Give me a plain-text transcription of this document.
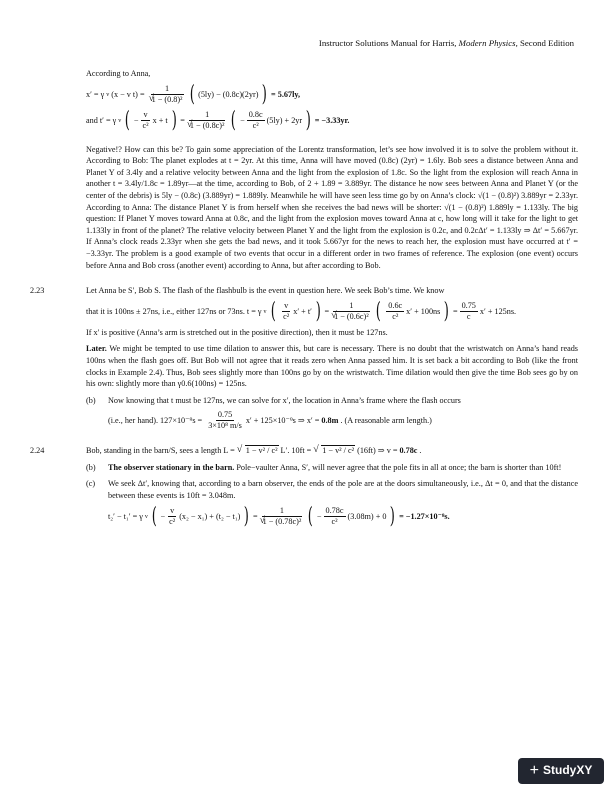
Instructor Solutions Manual for Harris, Modern Physics, Second Edition

According to Anna,

x′ = γ v (x − v t) = 1
√ 1 − (0.8)² ( (5ly) − (0.8c)(2yr) ) = 5.67ly,
and t′ = γ v ( − $\frac{v}{\text{c²}}$ x + t ) = 1
√ 1 − (0.8c)² ( − $\frac{0.8c}{\text{c²}} (5ly) + 2yr$ ) = −3.33yr.

Negative!? How can this be? To gain some appreciation of the Lorentz transformation, let’s see how involved it is to solve the problem without it. According to Bob: The planet explodes at t = 2yr. At this time, Anna will have moved (0.8c) (2yr) = 1.6ly. Bob sees a distance between Anna and Planet Y of 3.4ly and a relative velocity between Anna and the light from the explosion of 1.8c. So the light from the explosion will reach Anna in another t = 3.4ly/1.8c = 1.89yr—at the time, according to Bob, of 2 + 1.89 = 3.889yr. The distance he now sees between Anna and Planet Y (or the center of the debris) is 5ly − (0.8c) (3.889yr) = 1.889ly. Meanwhile he will have seen less time go by on Anna’s clock: √(1 − (0.8)²) 3.889yr = 2.33yr. According to Anna: The distance Planet Y is from herself when she receives the bad news will be shorter: √(1 − (0.8)²) 1.889ly = 1.133ly. The big question: If Planet Y moves toward Anna at 0.8c, and the light from the explosion moves toward Anna at c, how long will it take for the light to get 1.133ly in front of the planet? The relative velocity between Planet Y and the light from the explosion is 0.2c, and 0.2cΔt′ = 1.133ly ⇒ Δt′ = 5.667yr. If Anna’s clock reads 2.33yr when she gets the bad news, and it took 5.667yr for the news to reach her, the explosion must have occurred at t′ = −3.33yr. The problem is a good example of two events that occur in a different order in two frames of reference. The explosion (one event) occurs before Anna and Bob cross (another event) according to Anna, but after according to Bob.

2.23	Let Anna be S′, Bob S. The flash of the flashbulb is the event in question here. We seek Bob’s time. We know

that it is 100ns ± 27ns, i.e., either 127ns or 73ns. t = γ v ( $\frac{v}{\text{c²}} x' + t'$ ) = 1
√ 1 − (0.6c)² ( $\frac{0.6c}{\text{c²}} x' + 100ns$ ) = $\frac{0.75}{c} x' + 125ns$.

If x′ is positive (Anna’s arm is stretched out in the positive direction), then it must be 127ns.

Later. We might be tempted to use time dilation to answer this, but care is necessary. There is no doubt that the wristwatch on Anna’s hand reads 100ns when the flash goes off. But Bob will not agree that it reads zero when Anna passed him. It is set back a bit according to Bob (like the front clocks in Example 2.4). Thus, Bob sees slightly more than 100ns go by on the wristwatch. Time dilation would then give the time Bob sees go by on his own: slightly more than γ0.6(100ns) = 125ns.

(b) Now knowing that t must be 127ns, we can solve for x′, the location in Anna’s frame where the flash occurs

(i.e., her hand). $127\times 10^{-9}s = \frac{0.75}{\text{3×10⁸ m/s}} x' + 125\times 10^{-9}s$ ⇒ x′ = 0.8m . (A reasonable arm length.)
2.24	Bob, standing in the barn/S, sees a length L =	√ 1 − v² / c² L′. 10ft =	√ 1 − v² / c² (16ft) ⇒ v = 0.78c .
(b) The observer stationary in the barn. Pole−vaulter Anna, S′, will never agree that the pole fits in all at once; the barn is shorter than 10ft!

(c) We seek Δt′, knowing that, according to a barn observer, the ends of the pole are at the doors simultaneously, i.e., Δt = 0, and that the distance between these events is 10ft = 3.048m.

t₂′ − t₁′ = γ v ( − $\frac{v}{\text{c²}} (x_2 - x_1) + (t_2 - t_1)$ ) = 1
√ 1 − (0.78c)² ( − $\frac{0.78c}{\text{c²}} (3.08m) + 0$ ) = −1.27×10⁻⁸s.
+ StudyXY
